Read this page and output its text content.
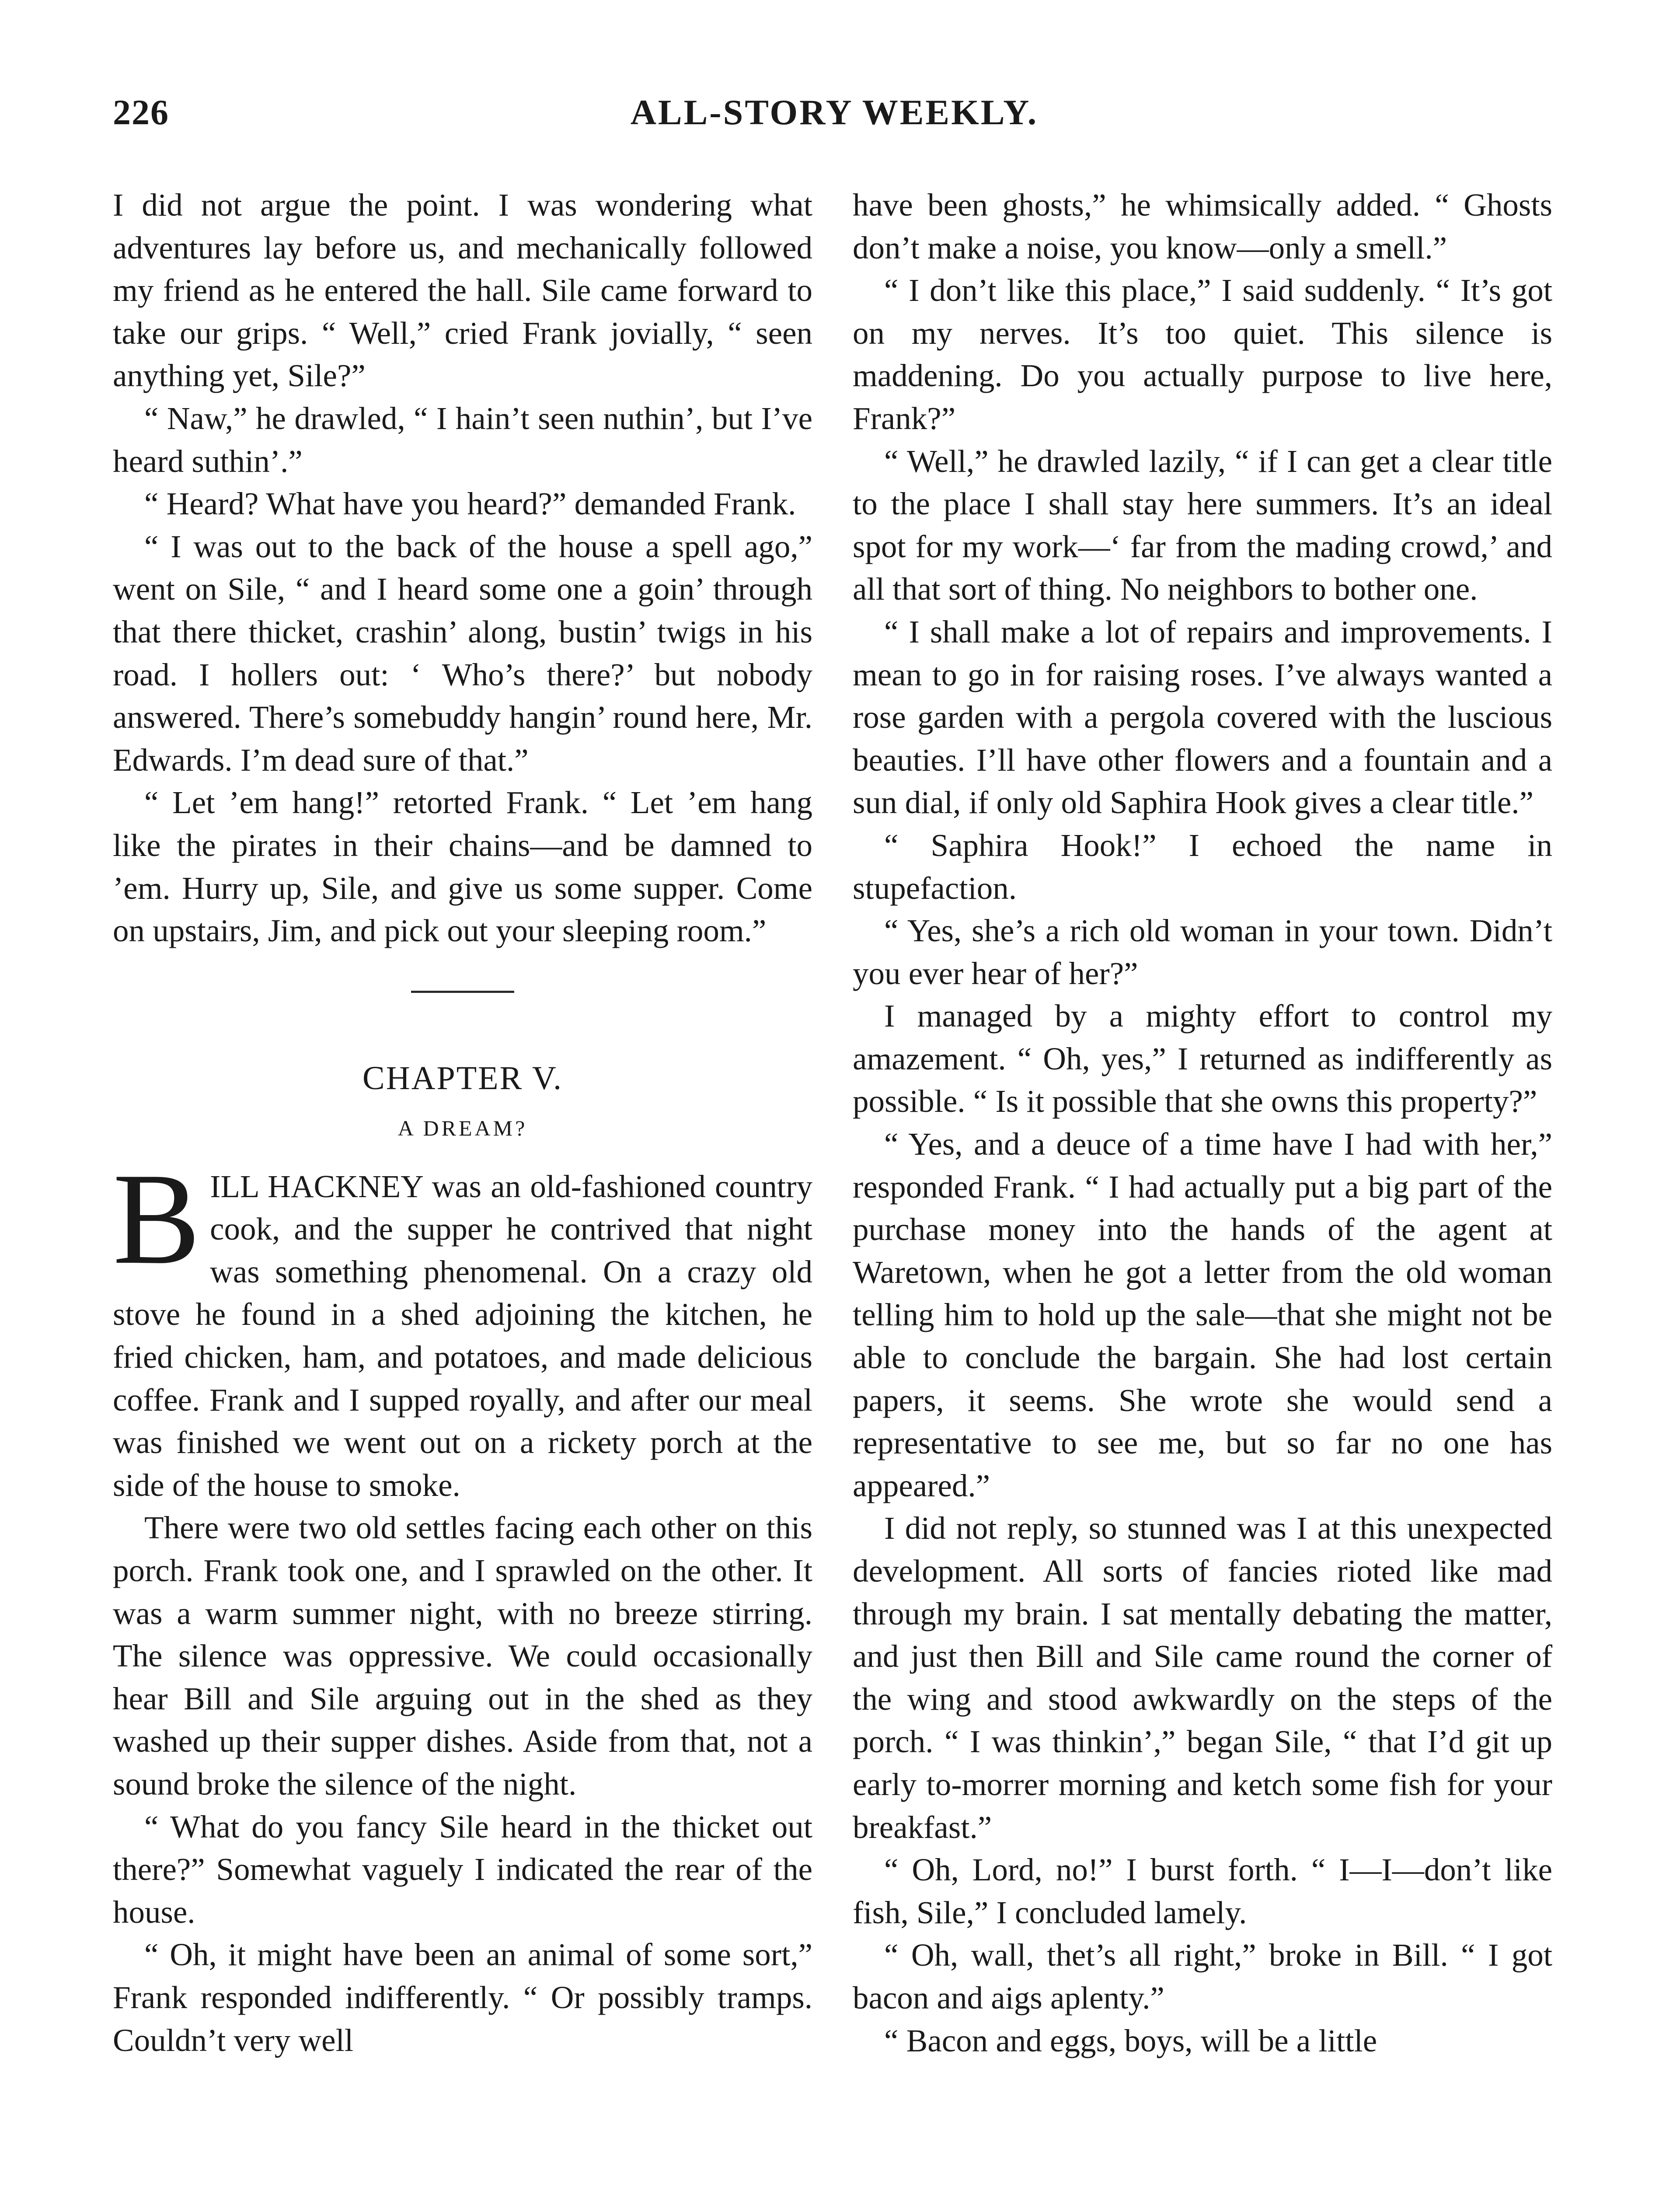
226	ALL-STORY WEEKLY.

I did not argue the point. I was wondering what adventures lay before us, and mechanically followed my friend as he entered the hall. Sile came forward to take our grips. “ Well,” cried Frank jovially, “ seen anything yet, Sile?”

“ Naw,” he drawled, “ I hain’t seen nuthin’, but I’ve heard suthin’.”

“ Heard? What have you heard?” demanded Frank.

“ I was out to the back of the house a spell ago,” went on Sile, “ and I heard some one a goin’ through that there thicket, crashin’ along, bustin’ twigs in his road. I hollers out: ‘ Who’s there?’ but nobody answered. There’s somebuddy hangin’ round here, Mr. Edwards. I’m dead sure of that.”

“ Let ’em hang!” retorted Frank. “ Let ’em hang like the pirates in their chains—and be damned to ’em. Hurry up, Sile, and give us some supper. Come on upstairs, Jim, and pick out your sleeping room.”

CHAPTER V.
A DREAM?

BILL HACKNEY was an old-fashioned country cook, and the supper he contrived that night was something phenomenal. On a crazy old stove he found in a shed adjoining the kitchen, he fried chicken, ham, and potatoes, and made delicious coffee. Frank and I supped royally, and after our meal was finished we went out on a rickety porch at the side of the house to smoke.

There were two old settles facing each other on this porch. Frank took one, and I sprawled on the other. It was a warm summer night, with no breeze stirring. The silence was oppressive. We could occasionally hear Bill and Sile arguing out in the shed as they washed up their supper dishes. Aside from that, not a sound broke the silence of the night.

“ What do you fancy Sile heard in the thicket out there?” Somewhat vaguely I indicated the rear of the house.

“ Oh, it might have been an animal of some sort,” Frank responded indifferently. “ Or possibly tramps. Couldn’t very well

have been ghosts,” he whimsically added. “ Ghosts don’t make a noise, you know—only a smell.”

“ I don’t like this place,” I said suddenly. “ It’s got on my nerves. It’s too quiet. This silence is maddening. Do you actually purpose to live here, Frank?”

“ Well,” he drawled lazily, “ if I can get a clear title to the place I shall stay here summers. It’s an ideal spot for my work—‘ far from the mading crowd,’ and all that sort of thing. No neighbors to bother one.

“ I shall make a lot of repairs and improvements. I mean to go in for raising roses. I’ve always wanted a rose garden with a pergola covered with the luscious beauties. I’ll have other flowers and a fountain and a sun dial, if only old Saphira Hook gives a clear title.”

“ Saphira Hook!” I echoed the name in stupefaction.

“ Yes, she’s a rich old woman in your town. Didn’t you ever hear of her?”

I managed by a mighty effort to control my amazement. “ Oh, yes,” I returned as indifferently as possible. “ Is it possible that she owns this property?”

“ Yes, and a deuce of a time have I had with her,” responded Frank. “ I had actually put a big part of the purchase money into the hands of the agent at Waretown, when he got a letter from the old woman telling him to hold up the sale—that she might not be able to conclude the bargain. She had lost certain papers, it seems. She wrote she would send a representative to see me, but so far no one has appeared.”

I did not reply, so stunned was I at this unexpected development. All sorts of fancies rioted like mad through my brain. I sat mentally debating the matter, and just then Bill and Sile came round the corner of the wing and stood awkwardly on the steps of the porch. “ I was thinkin’,” began Sile, “ that I’d git up early to-morrer morning and ketch some fish for your breakfast.”

“ Oh, Lord, no!” I burst forth. “ I—I—don’t like fish, Sile,” I concluded lamely.

“ Oh, wall, thet’s all right,” broke in Bill. “ I got bacon and aigs aplenty.”

“ Bacon and eggs, boys, will be a little
